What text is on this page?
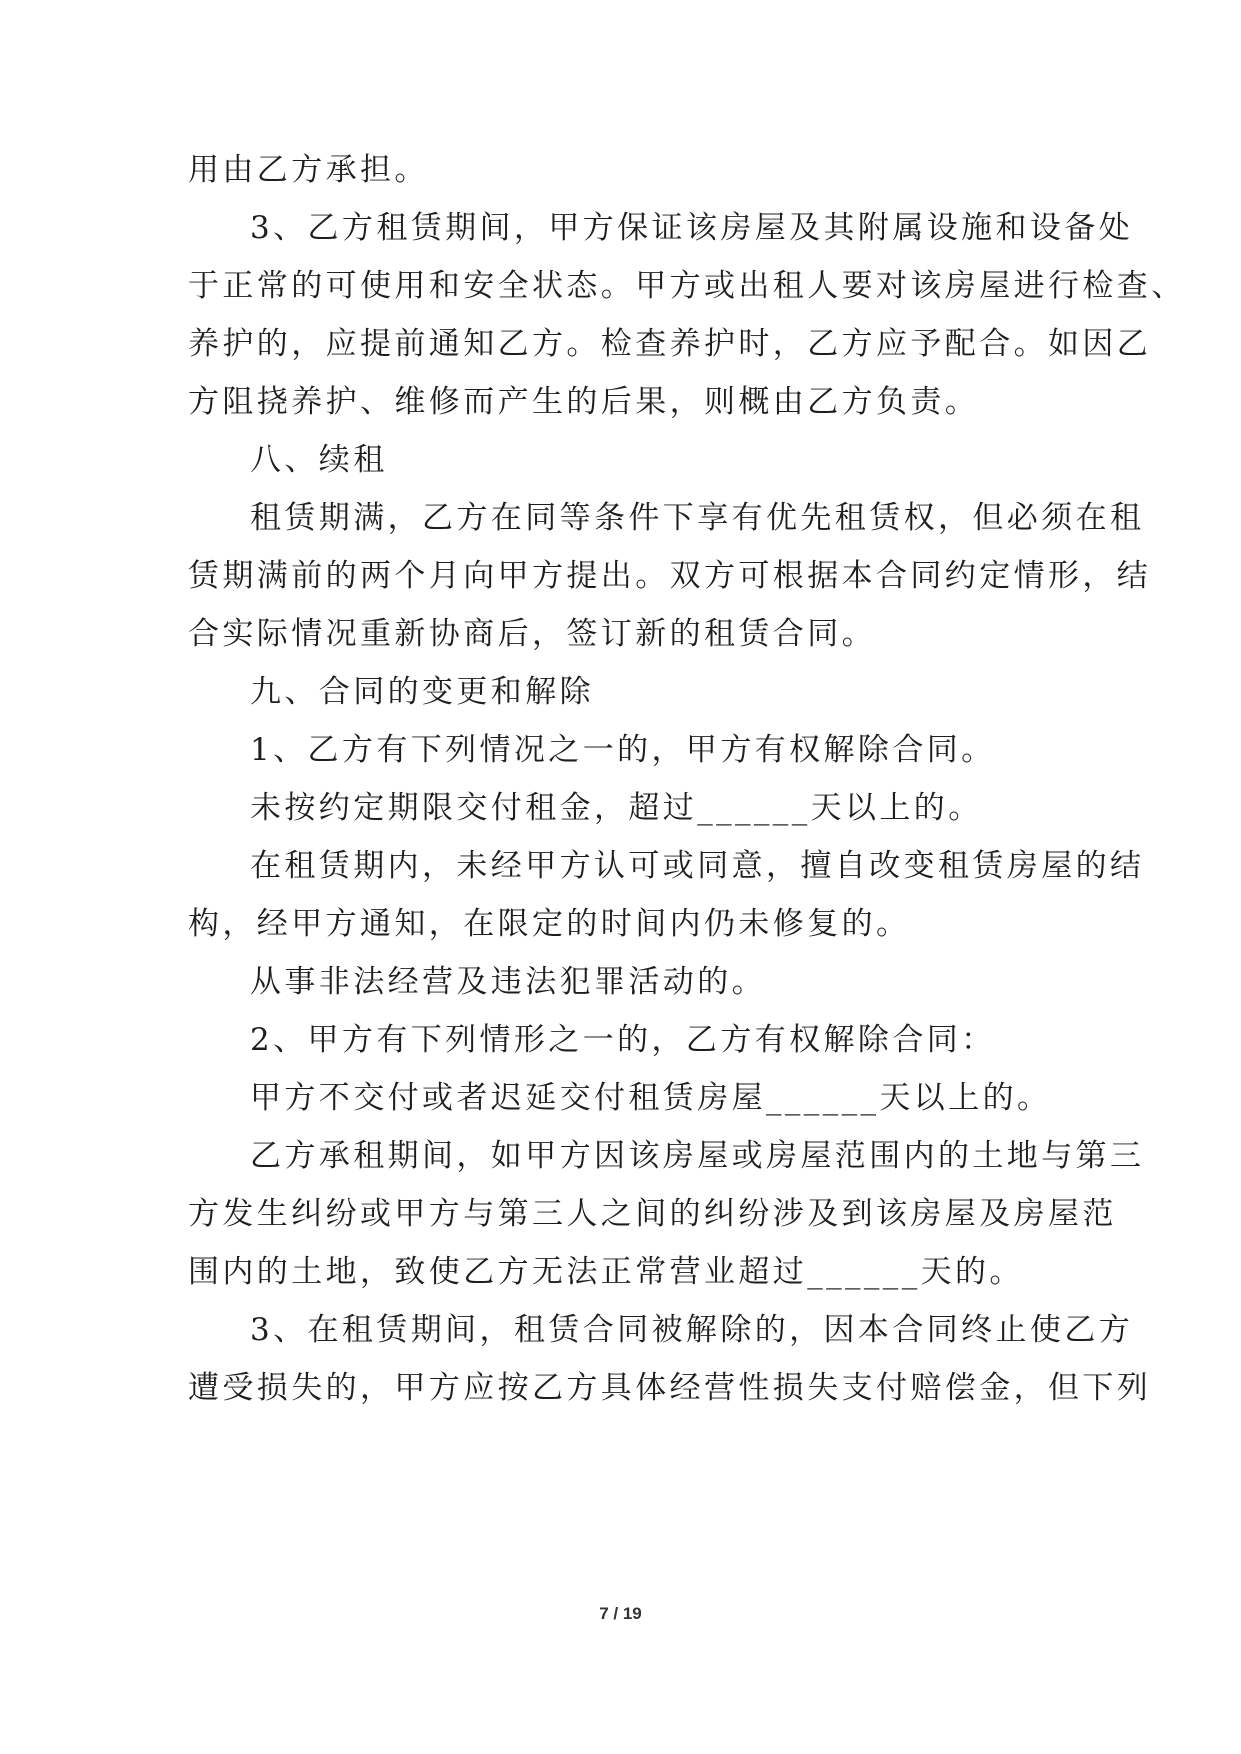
用由乙方承担。
3、乙方租赁期间，甲方保证该房屋及其附属设施和设备处
于正常的可使用和安全状态。甲方或出租人要对该房屋进行检查、
养护的，应提前通知乙方。检查养护时，乙方应予配合。如因乙
方阻挠养护、维修而产生的后果，则概由乙方负责。
八、续租
租赁期满，乙方在同等条件下享有优先租赁权，但必须在租
赁期满前的两个月向甲方提出。双方可根据本合同约定情形，结
合实际情况重新协商后，签订新的租赁合同。
九、合同的变更和解除
1、乙方有下列情况之一的，甲方有权解除合同。
未按约定期限交付租金，超过______天以上的。
在租赁期内，未经甲方认可或同意，擅自改变租赁房屋的结
构，经甲方通知，在限定的时间内仍未修复的。
从事非法经营及违法犯罪活动的。
2、甲方有下列情形之一的，乙方有权解除合同：
甲方不交付或者迟延交付租赁房屋______天以上的。
乙方承租期间，如甲方因该房屋或房屋范围内的土地与第三
方发生纠纷或甲方与第三人之间的纠纷涉及到该房屋及房屋范
围内的土地，致使乙方无法正常营业超过______天的。
3、在租赁期间，租赁合同被解除的，因本合同终止使乙方
遭受损失的，甲方应按乙方具体经营性损失支付赔偿金，但下列
7 / 19
